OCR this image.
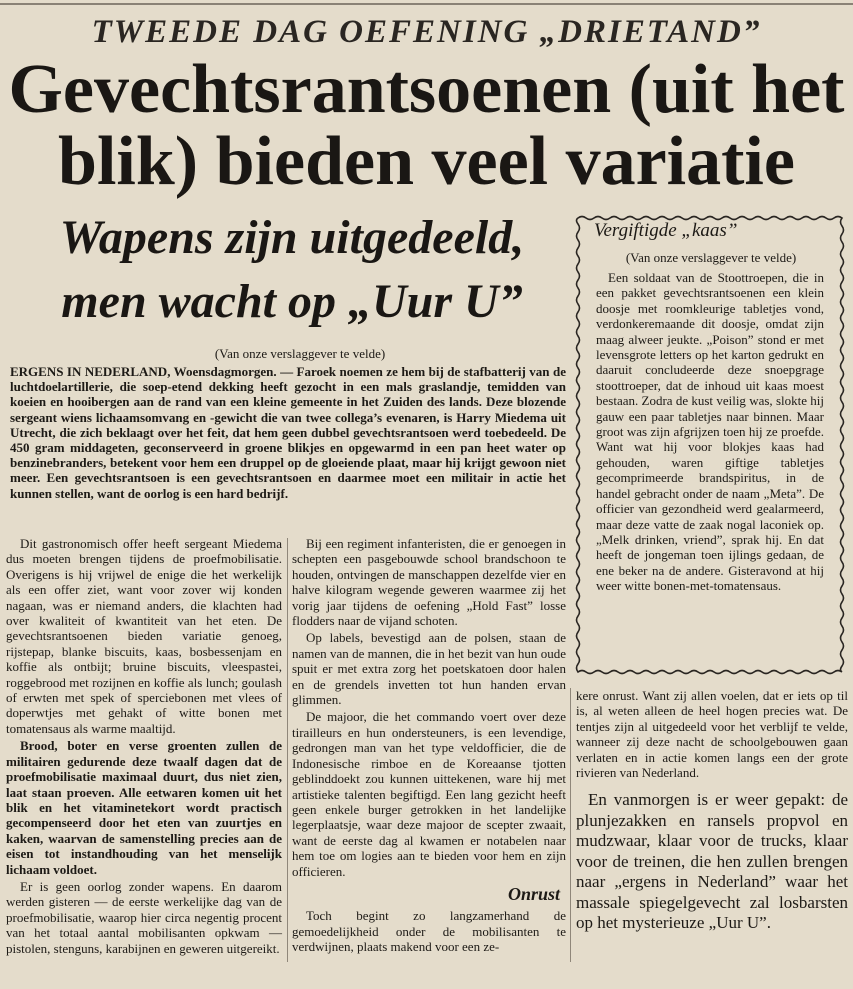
TWEEDE DAG OEFENING „DRIETAND”
Gevechtsrantsoenen (uit het
blik) bieden veel variatie
Wapens zijn uitgedeeld,
men wacht op „Uur U”
(Van onze verslaggever te velde)

ERGENS IN NEDERLAND, Woensdagmorgen. — Faroek noemen ze hem bij de stafbatterij van de luchtdoelartillerie, die soep-etend dekking heeft gezocht in een mals graslandje, temidden van koeien en hooibergen aan de rand van een kleine gemeente in het Zuiden des lands. Deze blozende sergeant wiens lichaamsomvang en -gewicht die van twee collega’s evenaren, is Harry Miedema uit Utrecht, die zich beklaagt over het feit, dat hem geen dubbel gevechtsrantsoen werd toebedeeld. De 450 gram middageten, geconserveerd in groene blikjes en opgewarmd in een pan heet water op benzinebranders, betekent voor hem een druppel op de gloeiende plaat, maar hij krijgt gewoon niet meer. Een gevechtsrantsoen is een gevechtsrantsoen en daarmee moet een militair in actie het kunnen stellen, want de oorlog is een hard bedrijf.

Dit gastronomisch offer heeft sergeant Miedema dus moeten brengen tijdens de proefmobilisatie. Overigens is hij vrijwel de enige die het werkelijk als een offer ziet, want voor zover wij konden nagaan, was er niemand anders, die klachten had over kwaliteit of kwantiteit van het eten. De gevechtsrantsoenen bieden variatie genoeg, rijstepap, blanke biscuits, kaas, bosbessenjam en koffie als ontbijt; bruine biscuits, vleespastei, roggebrood met rozijnen en koffie als lunch; goulash of erwten met spek of sperciebonen met vlees of doperwtjes met gehakt of witte bonen met tomatensaus als warme maaltijd.

Brood, boter en verse groenten zullen de militairen gedurende deze twaalf dagen dat de proefmobilisatie maximaal duurt, dus niet zien, laat staan proeven. Alle eetwaren komen uit het blik en het vitaminetekort wordt practisch gecompenseerd door het eten van zuurtjes en kaken, waarvan de samenstelling precies aan de eisen tot instandhouding van het menselijk lichaam voldoet.

Er is geen oorlog zonder wapens. En daarom werden gisteren — de eerste werkelijke dag van de proefmobilisatie, waarop hier circa negentig procent van het totaal aantal mobilisanten opkwam — pistolen, stenguns, karabijnen en geweren uitgereikt.

Bij een regiment infanteristen, die er genoegen in schepten een pasgebouwde school brandschoon te houden, ontvingen de manschappen dezelfde vier en halve kilogram wegende geweren waarmee zij het vorig jaar tijdens de oefening „Hold Fast” losse flodders naar de vijand schoten.

Op labels, bevestigd aan de polsen, staan de namen van de mannen, die in het bezit van hun oude spuit er met extra zorg het poetskatoen door halen en de grendels invetten tot hun handen ervan glimmen.

De majoor, die het commando voert over deze tirailleurs en hun ondersteuners, is een levendige, gedrongen man van het type veldofficier, die de Indonesische rimboe en de Koreaanse tjotten geblinddoekt zou kunnen uittekenen, ware hij met artistieke talenten begiftigd. Een lang gezicht heeft geen enkele burger getrokken in het landelijke legerplaatsje, waar deze majoor de scepter zwaait, want de eerste dag al kwamen er notabelen naar hem toe om logies aan te bieden voor hem en zijn officieren.

Onrust

Toch begint zo langzamerhand de gemoedelijkheid onder de mobilisanten te verdwijnen, plaats makend voor een ze-

Vergiftigde „kaas”
(Van onze verslaggever te velde)

Een soldaat van de Stoottroepen, die in een pakket gevechtsrantsoenen een klein doosje met roomkleurige tabletjes vond, verdonkeremaande dit doosje, omdat zijn maag alweer jeukte. „Poison” stond er met levensgrote letters op het karton gedrukt en daaruit concludeerde deze snoepgrage stoottroeper, dat de inhoud uit kaas moest bestaan. Zodra de kust veilig was, slokte hij gauw een paar tabletjes naar binnen. Maar groot was zijn afgrijzen toen hij ze proefde. Want wat hij voor blokjes kaas had gehouden, waren giftige tabletjes gecomprimeerde brandspiritus, in de handel gebracht onder de naam „Meta”. De officier van gezondheid werd gealarmeerd, maar deze vatte de zaak nogal laconiek op. „Melk drinken, vriend”, sprak hij. En dat heeft de jongeman toen ijlings gedaan, de ene beker na de andere. Gisteravond at hij weer witte bonen-met-tomatensaus.

kere onrust. Want zij allen voelen, dat er iets op til is, al weten alleen de heel hogen precies wat. De tentjes zijn al uitgedeeld voor het verblijf te velde, wanneer zij deze nacht de schoolgebouwen gaan verlaten en in actie komen langs een der grote rivieren van Nederland.

En vanmorgen is er weer gepakt: de plunjezakken en ransels propvol en mudzwaar, klaar voor de trucks, klaar voor de treinen, die hen zullen brengen naar „ergens in Nederland” waar het massale spiegelgevecht zal losbarsten op het mysterieuze „Uur U”.
